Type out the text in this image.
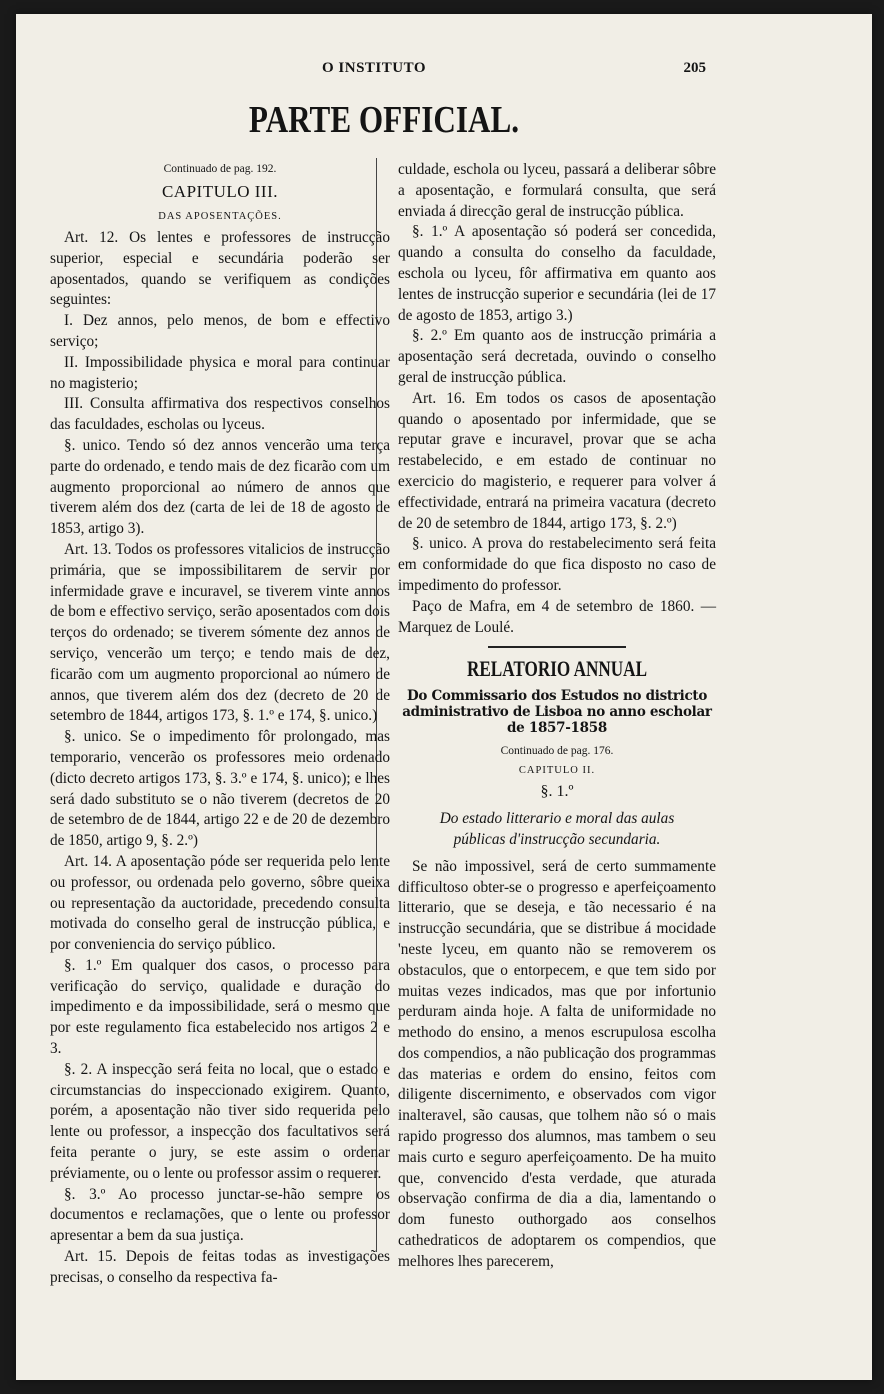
O INSTITUTO	205
PARTE OFFICIAL.

Continuado de pag. 192.

CAPITULO III.

DAS APOSENTAÇÕES.

Art. 12. Os lentes e professores de instrucção superior, especial e secundária poderão ser aposentados, quando se verifiquem as condições seguintes:

I. Dez annos, pelo menos, de bom e effectivo serviço;

II. Impossibilidade physica e moral para continuar no magisterio;

III. Consulta affirmativa dos respectivos conselhos das faculdades, escholas ou lyceus.

§. unico. Tendo só dez annos vencerão uma terça parte do ordenado, e tendo mais de dez ficarão com um augmento proporcional ao número de annos que tiverem além dos dez (carta de lei de 18 de agosto de 1853, artigo 3).

Art. 13. Todos os professores vitalicios de instrucção primária, que se impossibilitarem de servir por infermidade grave e incuravel, se tiverem vinte annos de bom e effectivo serviço, serão aposentados com dois terços do ordenado; se tiverem sómente dez annos de serviço, vencerão um terço; e tendo mais de dez, ficarão com um augmento proporcional ao número de annos, que tiverem além dos dez (decreto de 20 de setembro de 1844, artigos 173, §. 1.º e 174, §. unico.)

§. unico. Se o impedimento fôr prolongado, mas temporario, vencerão os professores meio ordenado (dicto decreto artigos 173, §. 3.º e 174, §. unico); e lhes será dado substituto se o não tiverem (decretos de 20 de setembro de de 1844, artigo 22 e de 20 de dezembro de 1850, artigo 9, §. 2.º)

Art. 14. A aposentação póde ser requerida pelo lente ou professor, ou ordenada pelo governo, sôbre queixa ou representação da auctoridade, precedendo consulta motivada do conselho geral de instrucção pública, e por conveniencia do serviço público.

§. 1.º Em qualquer dos casos, o processo para verificação do serviço, qualidade e duração do impedimento e da impossibilidade, será o mesmo que por este regulamento fica estabelecido nos artigos 2 e 3.

§. 2. A inspecção será feita no local, que o estado e circumstancias do inspeccionado exigirem. Quanto, porém, a aposentação não tiver sido requerida pelo lente ou professor, a inspecção dos facultativos será feita perante o jury, se este assim o ordenar préviamente, ou o lente ou professor assim o requerer.

§. 3.º Ao processo junctar-se-hão sempre os documentos e reclamações, que o lente ou professor apresentar a bem da sua justiça.

Art. 15. Depois de feitas todas as investigações precisas, o conselho da respectiva fa-

culdade, eschola ou lyceu, passará a deliberar sôbre a aposentação, e formulará consulta, que será enviada á direcção geral de instrucção pública.

§. 1.º A aposentação só poderá ser concedida, quando a consulta do conselho da faculdade, eschola ou lyceu, fôr affirmativa em quanto aos lentes de instrucção superior e secundária (lei de 17 de agosto de 1853, artigo 3.)

§. 2.º Em quanto aos de instrucção primária a aposentação será decretada, ouvindo o conselho geral de instrucção pública.

Art. 16. Em todos os casos de aposentação quando o aposentado por infermidade, que se reputar grave e incuravel, provar que se acha restabelecido, e em estado de continuar no exercicio do magisterio, e requerer para volver á effectividade, entrará na primeira vacatura (decreto de 20 de setembro de 1844, artigo 173, §. 2.º)

§. unico. A prova do restabelecimento será feita em conformidade do que fica disposto no caso de impedimento do professor.

Paço de Mafra, em 4 de setembro de 1860. — Marquez de Loulé.

RELATORIO ANNUAL
Do Commissario dos Estudos no districto administrativo de Lisboa no anno escholar de 1857-1858

Continuado de pag. 176.

CAPITULO II.

§. 1.º

Do estado litterario e moral das aulas públicas d'instrucção secundaria.

Se não impossivel, será de certo summamente difficultoso obter-se o progresso e aperfeiçoamento litterario, que se deseja, e tão necessario é na instrucção secundária, que se distribue á mocidade 'neste lyceu, em quanto não se removerem os obstaculos, que o entorpecem, e que tem sido por muitas vezes indicados, mas que por infortunio perduram ainda hoje. A falta de uniformidade no methodo do ensino, a menos escrupulosa escolha dos compendios, a não publicação dos programmas das materias e ordem do ensino, feitos com diligente discernimento, e observados com vigor inalteravel, são causas, que tolhem não só o mais rapido progresso dos alumnos, mas tambem o seu mais curto e seguro aperfeiçoamento. De ha muito que, convencido d'esta verdade, que aturada observação confirma de dia a dia, lamentando o dom funesto outhorgado aos conselhos cathedraticos de adoptarem os compendios, que melhores lhes parecerem,
